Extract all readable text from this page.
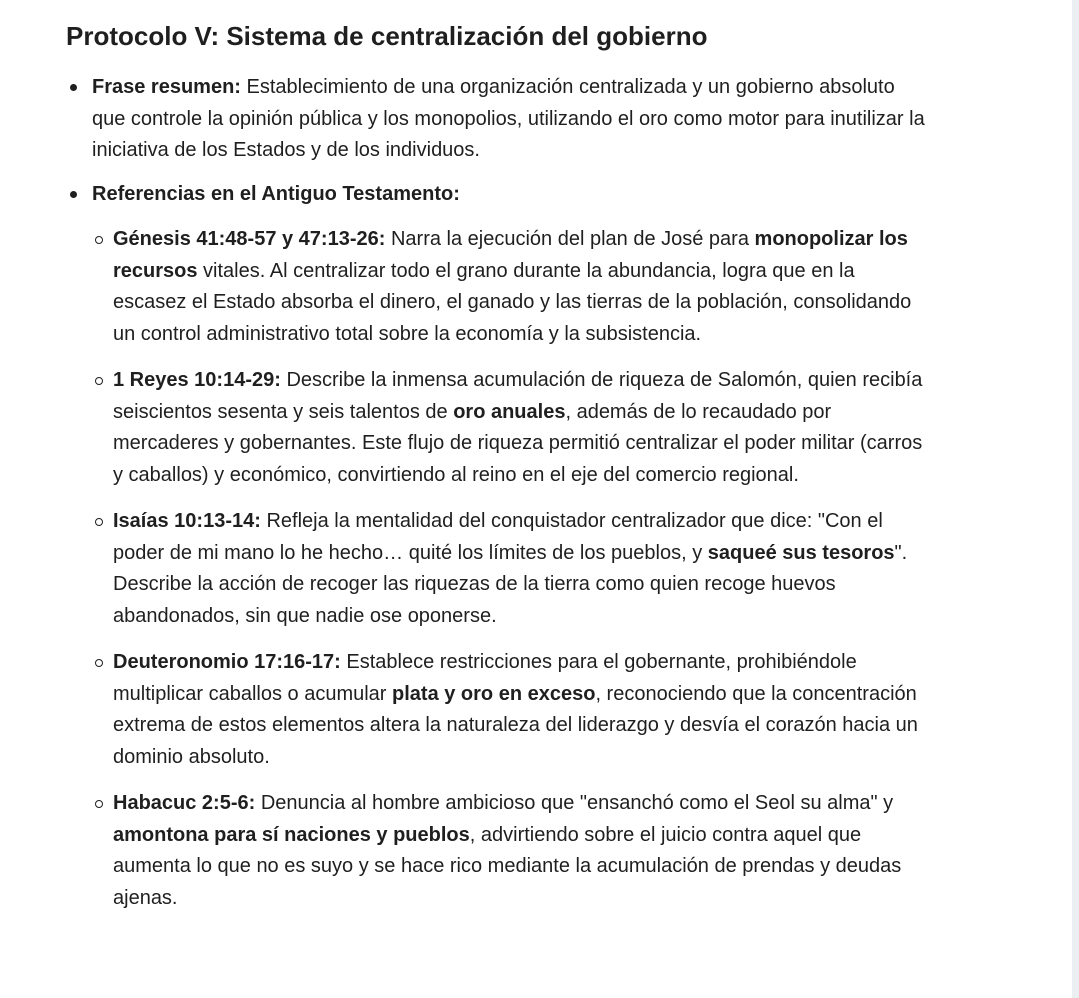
Protocolo V: Sistema de centralización del gobierno
Frase resumen: Establecimiento de una organización centralizada y un gobierno absoluto que controle la opinión pública y los monopolios, utilizando el oro como motor para inutilizar la iniciativa de los Estados y de los individuos.
Referencias en el Antiguo Testamento:
Génesis 41:48-57 y 47:13-26: Narra la ejecución del plan de José para monopolizar los recursos vitales. Al centralizar todo el grano durante la abundancia, logra que en la escasez el Estado absorba el dinero, el ganado y las tierras de la población, consolidando un control administrativo total sobre la economía y la subsistencia.
1 Reyes 10:14-29: Describe la inmensa acumulación de riqueza de Salomón, quien recibía seiscientos sesenta y seis talentos de oro anuales, además de lo recaudado por mercaderes y gobernantes. Este flujo de riqueza permitió centralizar el poder militar (carros y caballos) y económico, convirtiendo al reino en el eje del comercio regional.
Isaías 10:13-14: Refleja la mentalidad del conquistador centralizador que dice: "Con el poder de mi mano lo he hecho… quité los límites de los pueblos, y saqueé sus tesoros". Describe la acción de recoger las riquezas de la tierra como quien recoge huevos abandonados, sin que nadie ose oponerse.
Deuteronomio 17:16-17: Establece restricciones para el gobernante, prohibiéndole multiplicar caballos o acumular plata y oro en exceso, reconociendo que la concentración extrema de estos elementos altera la naturaleza del liderazgo y desvía el corazón hacia un dominio absoluto.
Habacuc 2:5-6: Denuncia al hombre ambicioso que "ensanchó como el Seol su alma" y amontona para sí naciones y pueblos, advirtiendo sobre el juicio contra aquel que aumenta lo que no es suyo y se hace rico mediante la acumulación de prendas y deudas ajenas.
